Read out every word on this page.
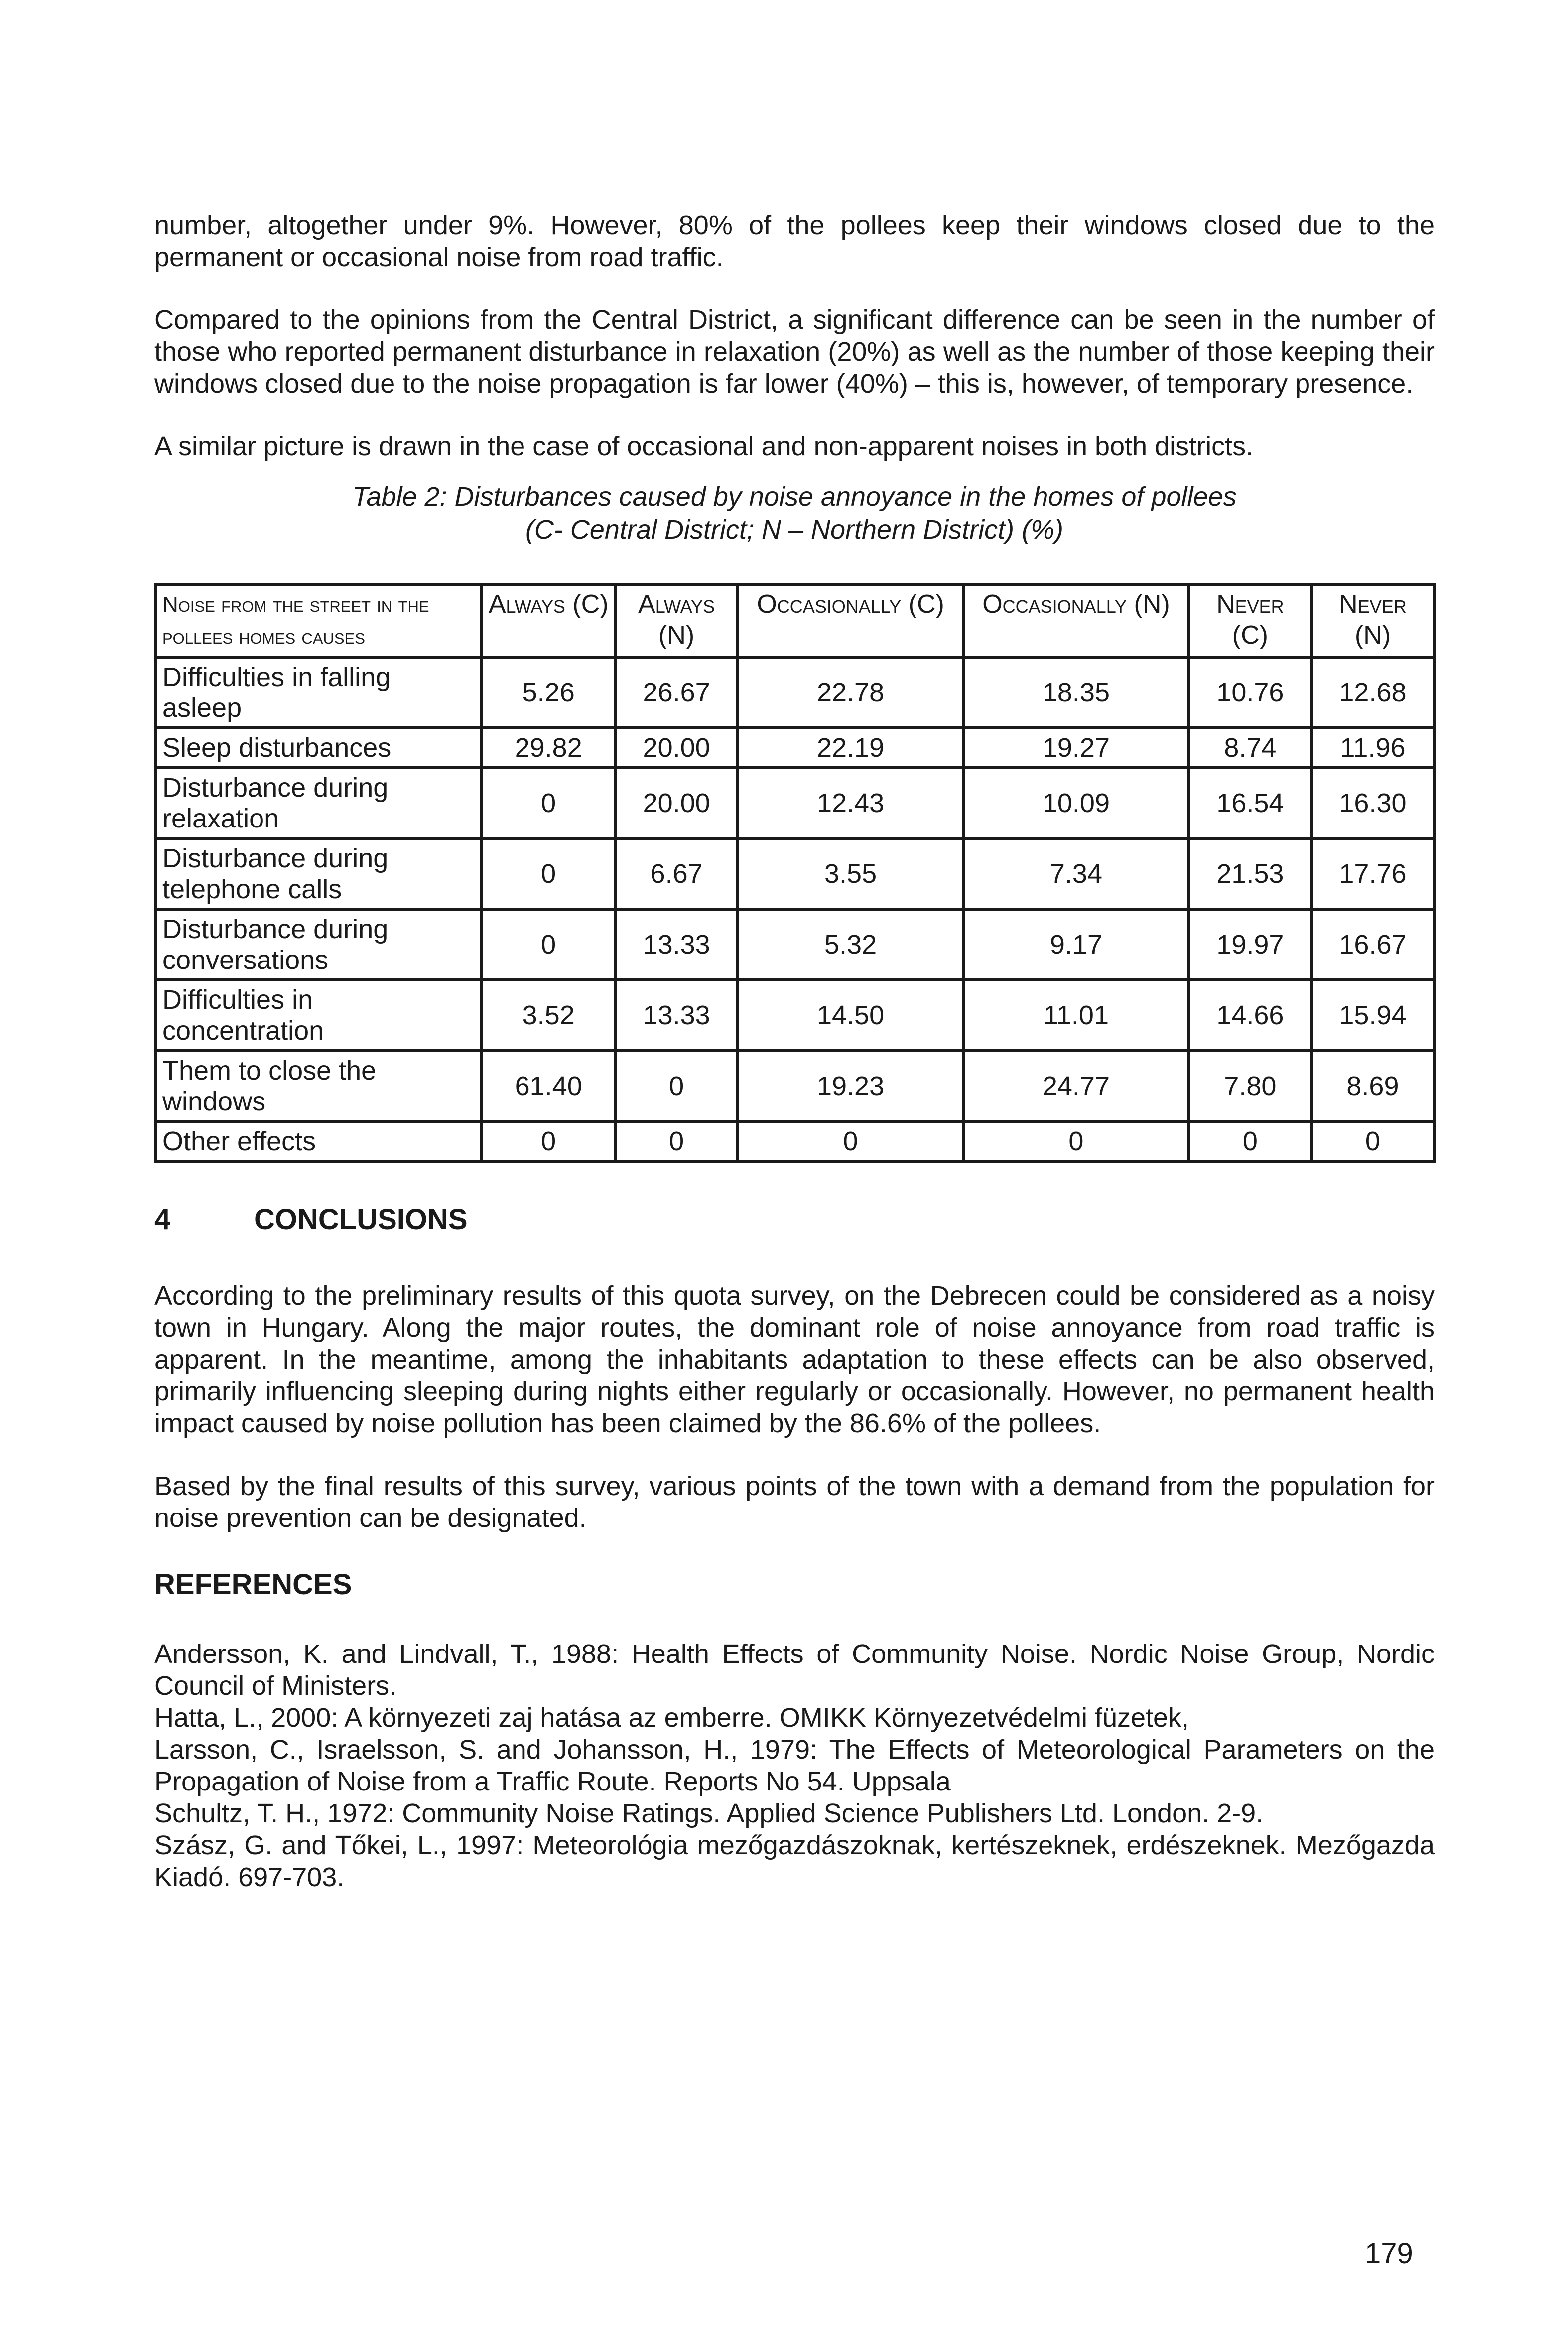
number, altogether under 9%. However, 80% of the pollees keep their windows closed due to the permanent or occasional noise from road traffic.

Compared to the opinions from the Central District, a significant difference can be seen in the number of those who reported permanent disturbance in relaxation (20%) as well as the number of those keeping their windows closed due to the noise propagation is far lower (40%) – this is, however, of temporary presence.

A similar picture is drawn in the case of occasional and non-apparent noises in both districts.

Table 2: Disturbances caused by noise annoyance in the homes of pollees
(C- Central District; N – Northern District) (%)
Noise from the street in the pollees homes causes	Always (C)	Always (N)	Occasionally (C)	Occasionally (N)	Never (C)	Never (N)
Difficulties in falling asleep	5.26	26.67	22.78	18.35	10.76	12.68
Sleep disturbances	29.82	20.00	22.19	19.27	8.74	11.96
Disturbance during relaxation	0	20.00	12.43	10.09	16.54	16.30
Disturbance during telephone calls	0	6.67	3.55	7.34	21.53	17.76
Disturbance during conversations	0	13.33	5.32	9.17	19.97	16.67
Difficulties in concentration	3.52	13.33	14.50	11.01	14.66	15.94
Them to close the windows	61.40	0	19.23	24.77	7.80	8.69
Other effects	0	0	0	0	0	0
4	CONCLUSIONS

According to the preliminary results of this quota survey, on the Debrecen could be considered as a noisy town in Hungary. Along the major routes, the dominant role of noise annoyance from road traffic is apparent. In the meantime, among the inhabitants adaptation to these effects can be also observed, primarily influencing sleeping during nights either regularly or occasionally. However, no permanent health impact caused by noise pollution has been claimed by the 86.6% of the pollees.

Based by the final results of this survey, various points of the town with a demand from the population for noise prevention can be designated.

REFERENCES

Andersson, K. and Lindvall, T., 1988: Health Effects of Community Noise. Nordic Noise Group, Nordic Council of Ministers.

Hatta, L., 2000: A környezeti zaj hatása az emberre. OMIKK Környezetvédelmi füzetek,

Larsson, C., Israelsson, S. and Johansson, H., 1979: The Effects of Meteorological Parameters on the Propagation of Noise from a Traffic Route. Reports No 54. Uppsala

Schultz, T. H., 1972: Community Noise Ratings. Applied Science Publishers Ltd. London. 2-9.

Szász, G. and Tőkei, L., 1997: Meteorológia mezőgazdászoknak, kertészeknek, erdészeknek. Mezőgazda Kiadó. 697-703.

179
